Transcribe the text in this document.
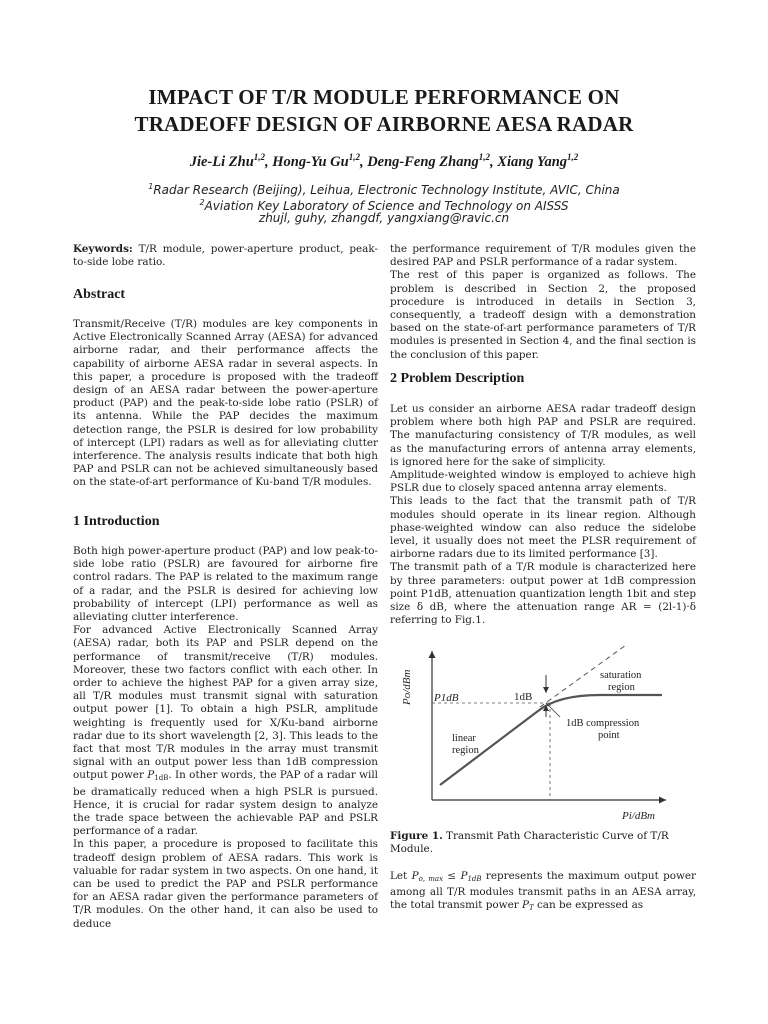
IMPACT OF T/R MODULE PERFORMANCE ON
TRADEOFF DESIGN OF AIRBORNE AESA RADAR
Jie-Li Zhu$^{1,2}$, Hong-Yu Gu$^{1,2}$, Deng-Feng Zhang$^{1,2}$, Xiang Yang$^{1,2}$
$^1$Radar Research (Beijing), Leihua, Electronic Technology Institute, AVIC, China
$^2$Aviation Key Laboratory of Science and Technology on AISSS
zhujl, guhy, zhangdf, yangxiang@ravic.cn
Keywords: T/R module, power-aperture product, peak-to-side lobe ratio.
Abstract
Transmit/Receive (T/R) modules are key components in Active Electronically Scanned Array (AESA) for advanced airborne radar, and their performance affects the capability of airborne AESA radar in several aspects. In this paper, a procedure is proposed with the tradeoff design of an AESA radar between the power-aperture product (PAP) and the peak-to-side lobe ratio (PSLR) of its antenna. While the PAP decides the maximum detection range, the PSLR is desired for low probability of intercept (LPI) radars as well as for alleviating clutter interference. The analysis results indicate that both high PAP and PSLR can not be achieved simultaneously based on the state-of-art performance of Ku-band T/R modules.
1 Introduction

Both high power-aperture product (PAP) and low peak-to-side lobe ratio (PSLR) are favoured for airborne fire control radars. The PAP is related to the maximum range of a radar, and the PSLR is desired for achieving low probability of intercept (LPI) performance as well as alleviating clutter interference.

For advanced Active Electronically Scanned Array (AESA) radar, both its PAP and PSLR depend on the performance of transmit/receive (T/R) modules. Moreover, these two factors conflict with each other. In order to achieve the highest PAP for a given array size, all T/R modules must transmit signal with saturation output power [1]. To obtain a high PSLR, amplitude weighting is frequently used for X/Ku-band airborne radar due to its short wavelength [2, 3]. This leads to the fact that most T/R modules in the array must transmit signal with an output power less than 1dB compression output power $P_{1dB}$. In other words, the PAP of a radar will be dramatically reduced when a high PSLR is pursued. Hence, it is crucial for radar system design to analyze the trade space between the achievable PAP and PSLR performance of a radar.

In this paper, a procedure is proposed to facilitate this tradeoff design problem of AESA radars. This work is valuable for radar system in two aspects. On one hand, it can be used to predict the PAP and PSLR performance for an AESA radar given the performance parameters of T/R modules. On the other hand, it can also be used to deduce

the performance requirement of T/R modules given the desired PAP and PSLR performance of a radar system.

The rest of this paper is organized as follows. The problem is described in Section 2, the proposed procedure is introduced in details in Section 3, consequently, a tradeoff design with a demonstration based on the state-of-art performance parameters of T/R modules is presented in Section 4, and the final section is the conclusion of this paper.

2 Problem Description

Let us consider an airborne AESA radar tradeoff design problem where both high PAP and PSLR are required. The manufacturing consistency of T/R modules, as well as the manufacturing errors of antenna array elements, is ignored here for the sake of simplicity.

Amplitude-weighted window is employed to achieve high PSLR due to closely spaced antenna array elements.

This leads to the fact that the transmit path of T/R modules should operate in its linear region. Although phase-weighted window can also reduce the sidelobe level, it usually does not meet the PLSR requirement of airborne radars due to its limited performance [3].

The transmit path of a T/R module is characterized here by three parameters: output power at 1dB compression point P1dB, attenuation quantization length 1bit and step size δ dB, where the attenuation range AR = (2l-1)·δ referring to Fig.1.

Po/dBm P1dB	1dB
saturation
region
linear
region
1dB compression
point
Pi/dBm
Figure 1. Transmit Path Characteristic Curve of T/R Module.
Let $P_{o, max} \le P_{1dB}$ represents the maximum output power among all T/R modules transmit paths in an AESA array, the total transmit power $P_T$ can be expressed as
